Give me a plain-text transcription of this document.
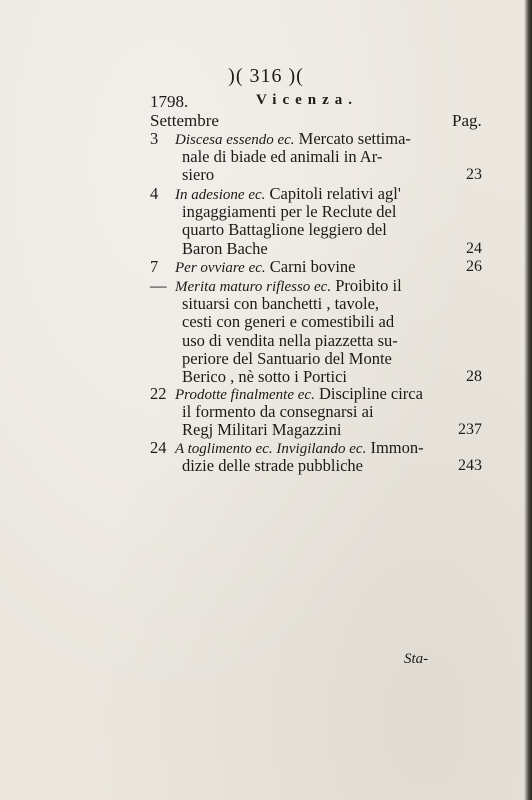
)( 316 )(
1798.	Vicenza.
Settembre	Pag.
3 Discesa essendo ec. Mercato settima-
nale di biade ed animali in Ar-
siero	23
4 In adesione ec. Capitoli relativi agl'
ingaggiamenti per le Reclute del
quarto Battaglione leggiero del
Baron Bache	24
7 Per ovviare ec. Carni bovine	26
— Merita maturo riflesso ec. Proibito il
situarsi con banchetti , tavole,
cesti con generi e comestibili ad
uso di vendita nella piazzetta su-
periore del Santuario del Monte
Berico , nè sotto i Portici	28
22 Prodotte finalmente ec. Discipline circa
il formento da consegnarsi ai
Regj Militari Magazzini	237
24 A toglimento ec. Invigilando ec. Immon-
dizie delle strade pubbliche	243
Sta-
